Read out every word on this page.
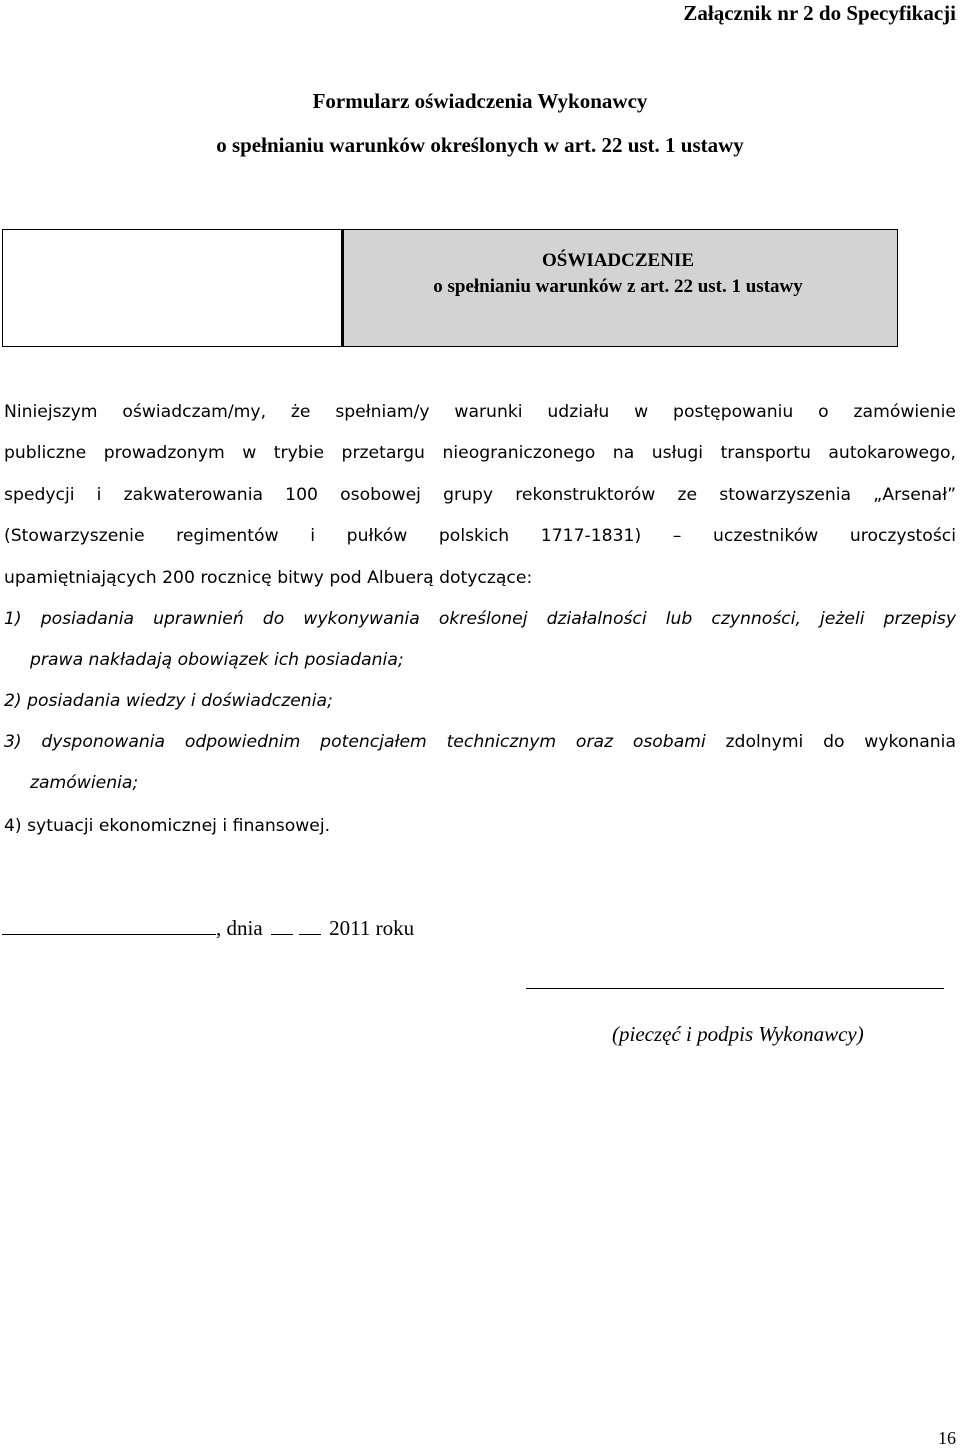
Załącznik nr 2 do Specyfikacji
Formularz oświadczenia Wykonawcy
o spełnianiu warunków określonych w art. 22 ust. 1 ustawy
OŚWIADCZENIE
o spełnianiu warunków z art. 22 ust. 1 ustawy
Niniejszym oświadczam/my, że spełniam/y warunki udziału w postępowaniu o zamówienie
publiczne prowadzonym w trybie przetargu nieograniczonego na usługi transportu autokarowego,
spedycji i zakwaterowania 100 osobowej grupy rekonstruktorów ze stowarzyszenia „Arsenał”
(Stowarzyszenie regimentów i pułków polskich 1717-1831) – uczestników uroczystości
upamiętniających 200 rocznicę bitwy pod Albuerą dotyczące:
1) posiadania uprawnień do wykonywania określonej działalności lub czynności, jeżeli przepisy
prawa nakładają obowiązek ich posiadania;
2) posiadania wiedzy i doświadczenia;
3) dysponowania odpowiednim potencjałem technicznym oraz osobami zdolnymi do wykonania
zamówienia;
4) sytuacji ekonomicznej i finansowej.
, dnia	2011 roku
(pieczęć i podpis Wykonawcy)
16
